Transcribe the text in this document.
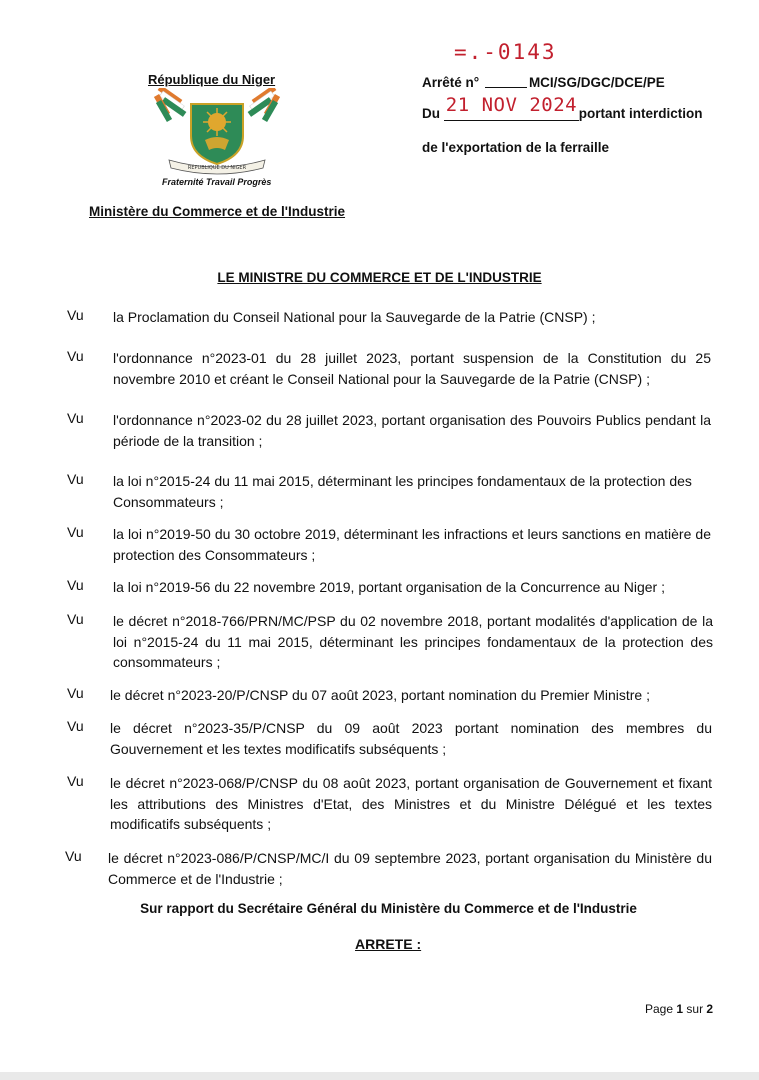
République du Niger
RÉPUBLIQUE DU NIGER
Fraternité Travail Progrès
Ministère du Commerce et de l'Industrie
=.-0143
Arrêté n°	MCI/SG/DGC/DCE/PE
Du 21 NOV 2024 portant interdiction
de l'exportation de la ferraille
LE MINISTRE DU COMMERCE ET DE L'INDUSTRIE
Vu la Proclamation du Conseil National pour la Sauvegarde de la Patrie (CNSP) ;
Vu l'ordonnance n°2023-01 du 28 juillet 2023, portant suspension de la Constitution du 25 novembre 2010 et créant le Conseil National pour la Sauvegarde de la Patrie (CNSP) ;
Vu l'ordonnance n°2023-02 du 28 juillet 2023, portant organisation des Pouvoirs Publics pendant la période de la transition ;
Vu la loi n°2015-24 du 11 mai 2015, déterminant les principes fondamentaux de la protection des Consommateurs ;
Vu la loi n°2019-50 du 30 octobre 2019, déterminant les infractions et leurs sanctions en matière de protection des Consommateurs ;
Vu la loi n°2019-56 du 22 novembre 2019, portant organisation de la Concurrence au Niger ;
Vu le décret n°2018-766/PRN/MC/PSP du 02 novembre 2018, portant modalités d'application de la loi n°2015-24 du 11 mai 2015, déterminant les principes fondamentaux de la protection des consommateurs ;
Vu le décret n°2023-20/P/CNSP du 07 août 2023, portant nomination du Premier Ministre ;
Vu le décret n°2023-35/P/CNSP du 09 août 2023 portant nomination des membres du Gouvernement et les textes modificatifs subséquents ;
Vu le décret n°2023-068/P/CNSP du 08 août 2023, portant organisation de Gouvernement et fixant les attributions des Ministres d'Etat, des Ministres et du Ministre Délégué et les textes modificatifs subséquents ;
Vu le décret n°2023-086/P/CNSP/MC/I du 09 septembre 2023, portant organisation du Ministère du Commerce et de l'Industrie ;
Sur rapport du Secrétaire Général du Ministère du Commerce et de l'Industrie
ARRETE :
Page 1 sur 2
